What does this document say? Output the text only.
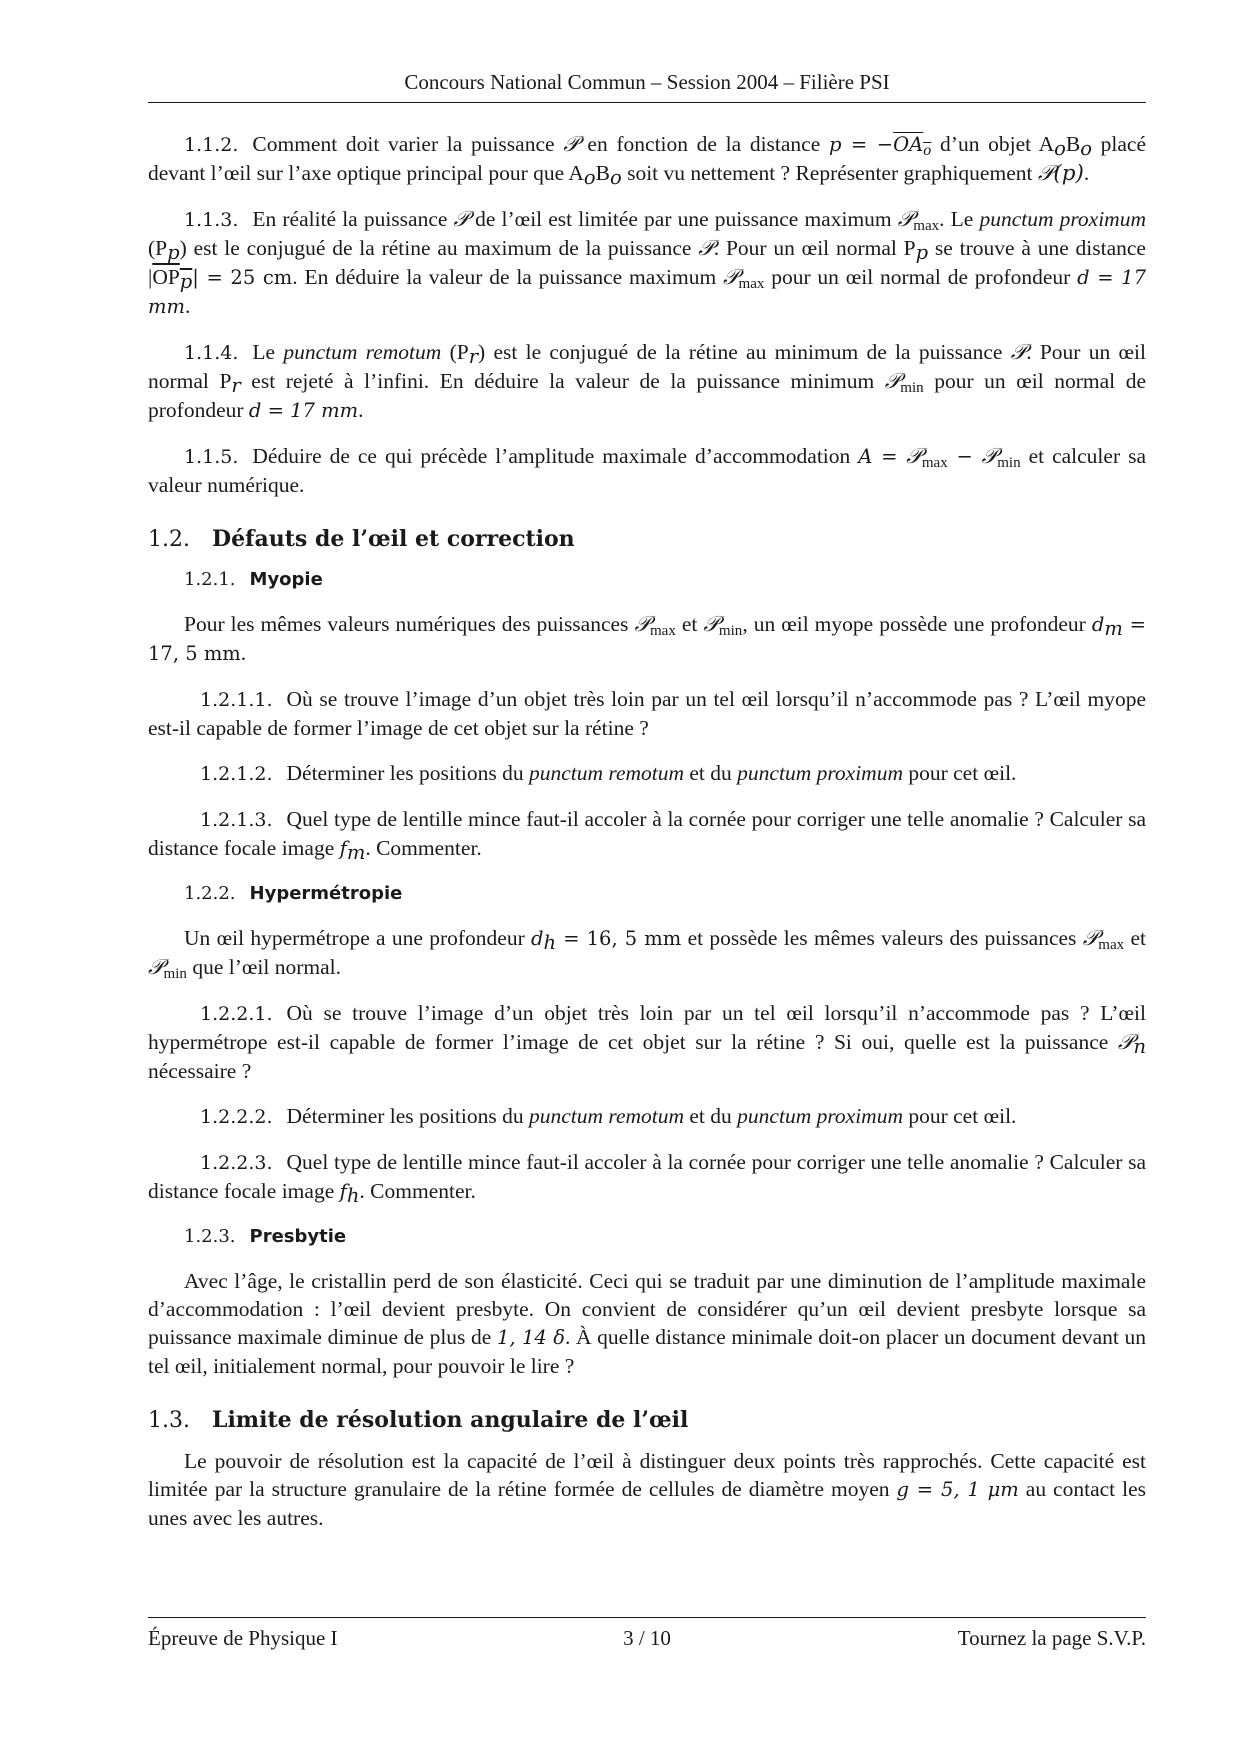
Concours National Commun – Session 2004 – Filière PSI

1.1.2. Comment doit varier la puissance 𝒫 en fonction de la distance $p = -OA_o$ d’un objet $A_oB_o$ placé devant l’œil sur l’axe optique principal pour que $A_oB_o$ soit vu nettement ? Représenter graphiquement 𝒫(p).

1.1.3. En réalité la puissance 𝒫 de l’œil est limitée par une puissance maximum 𝒫$_{max}$. Le punctum proximum $(P_p)$ est le conjugué de la rétine au maximum de la puissance 𝒫. Pour un œil normal $P_p$ se trouve à une distance $|OP_p| = 25$ cm. En déduire la valeur de la puissance maximum 𝒫$_{max}$ pour un œil normal de profondeur d = 17 mm.

1.1.4. Le punctum remotum $(P_r)$ est le conjugué de la rétine au minimum de la puissance 𝒫. Pour un œil normal $P_r$ est rejeté à l’infini. En déduire la valeur de la puissance minimum 𝒫$_{min}$ pour un œil normal de profondeur d = 17 mm.

1.1.5. Déduire de ce qui précède l’amplitude maximale d’accommodation A = 𝒫$_{max}$ − 𝒫$_{min}$ et calculer sa valeur numérique.

1.2. Défauts de l’œil et correction
1.2.1. Myopie

Pour les mêmes valeurs numériques des puissances 𝒫$_{max}$ et 𝒫$_{min}$, un œil myope possède une profondeur $d_m = 17$, 5 mm.

1.2.1.1. Où se trouve l’image d’un objet très loin par un tel œil lorsqu’il n’accommode pas ? L’œil myope est-il capable de former l’image de cet objet sur la rétine ?

1.2.1.2. Déterminer les positions du punctum remotum et du punctum proximum pour cet œil.

1.2.1.3. Quel type de lentille mince faut-il accoler à la cornée pour corriger une telle anomalie ? Calculer sa distance focale image $f_m$. Commenter.

1.2.2. Hypermétropie

Un œil hypermétrope a une profondeur $d_h = 16$, 5 mm et possède les mêmes valeurs des puissances 𝒫$_{max}$ et 𝒫$_{min}$ que l’œil normal.

1.2.2.1. Où se trouve l’image d’un objet très loin par un tel œil lorsqu’il n’accommode pas ? L’œil hypermétrope est-il capable de former l’image de cet objet sur la rétine ? Si oui, quelle est la puissance 𝒫$_n$ nécessaire ?

1.2.2.2. Déterminer les positions du punctum remotum et du punctum proximum pour cet œil.

1.2.2.3. Quel type de lentille mince faut-il accoler à la cornée pour corriger une telle anomalie ? Calculer sa distance focale image $f_h$. Commenter.

1.2.3. Presbytie

Avec l’âge, le cristallin perd de son élasticité. Ceci qui se traduit par une diminution de l’amplitude maximale d’accommodation : l’œil devient presbyte. On convient de considérer qu’un œil devient presbyte lorsque sa puissance maximale diminue de plus de 1, 14 δ. À quelle distance minimale doit-on placer un document devant un tel œil, initialement normal, pour pouvoir le lire ?

1.3. Limite de résolution angulaire de l’œil

Le pouvoir de résolution est la capacité de l’œil à distinguer deux points très rapprochés. Cette capacité est limitée par la structure granulaire de la rétine formée de cellules de diamètre moyen g = 5, 1 μm au contact les unes avec les autres.

Épreuve de Physique I	3 / 10	Tournez la page S.V.P.
